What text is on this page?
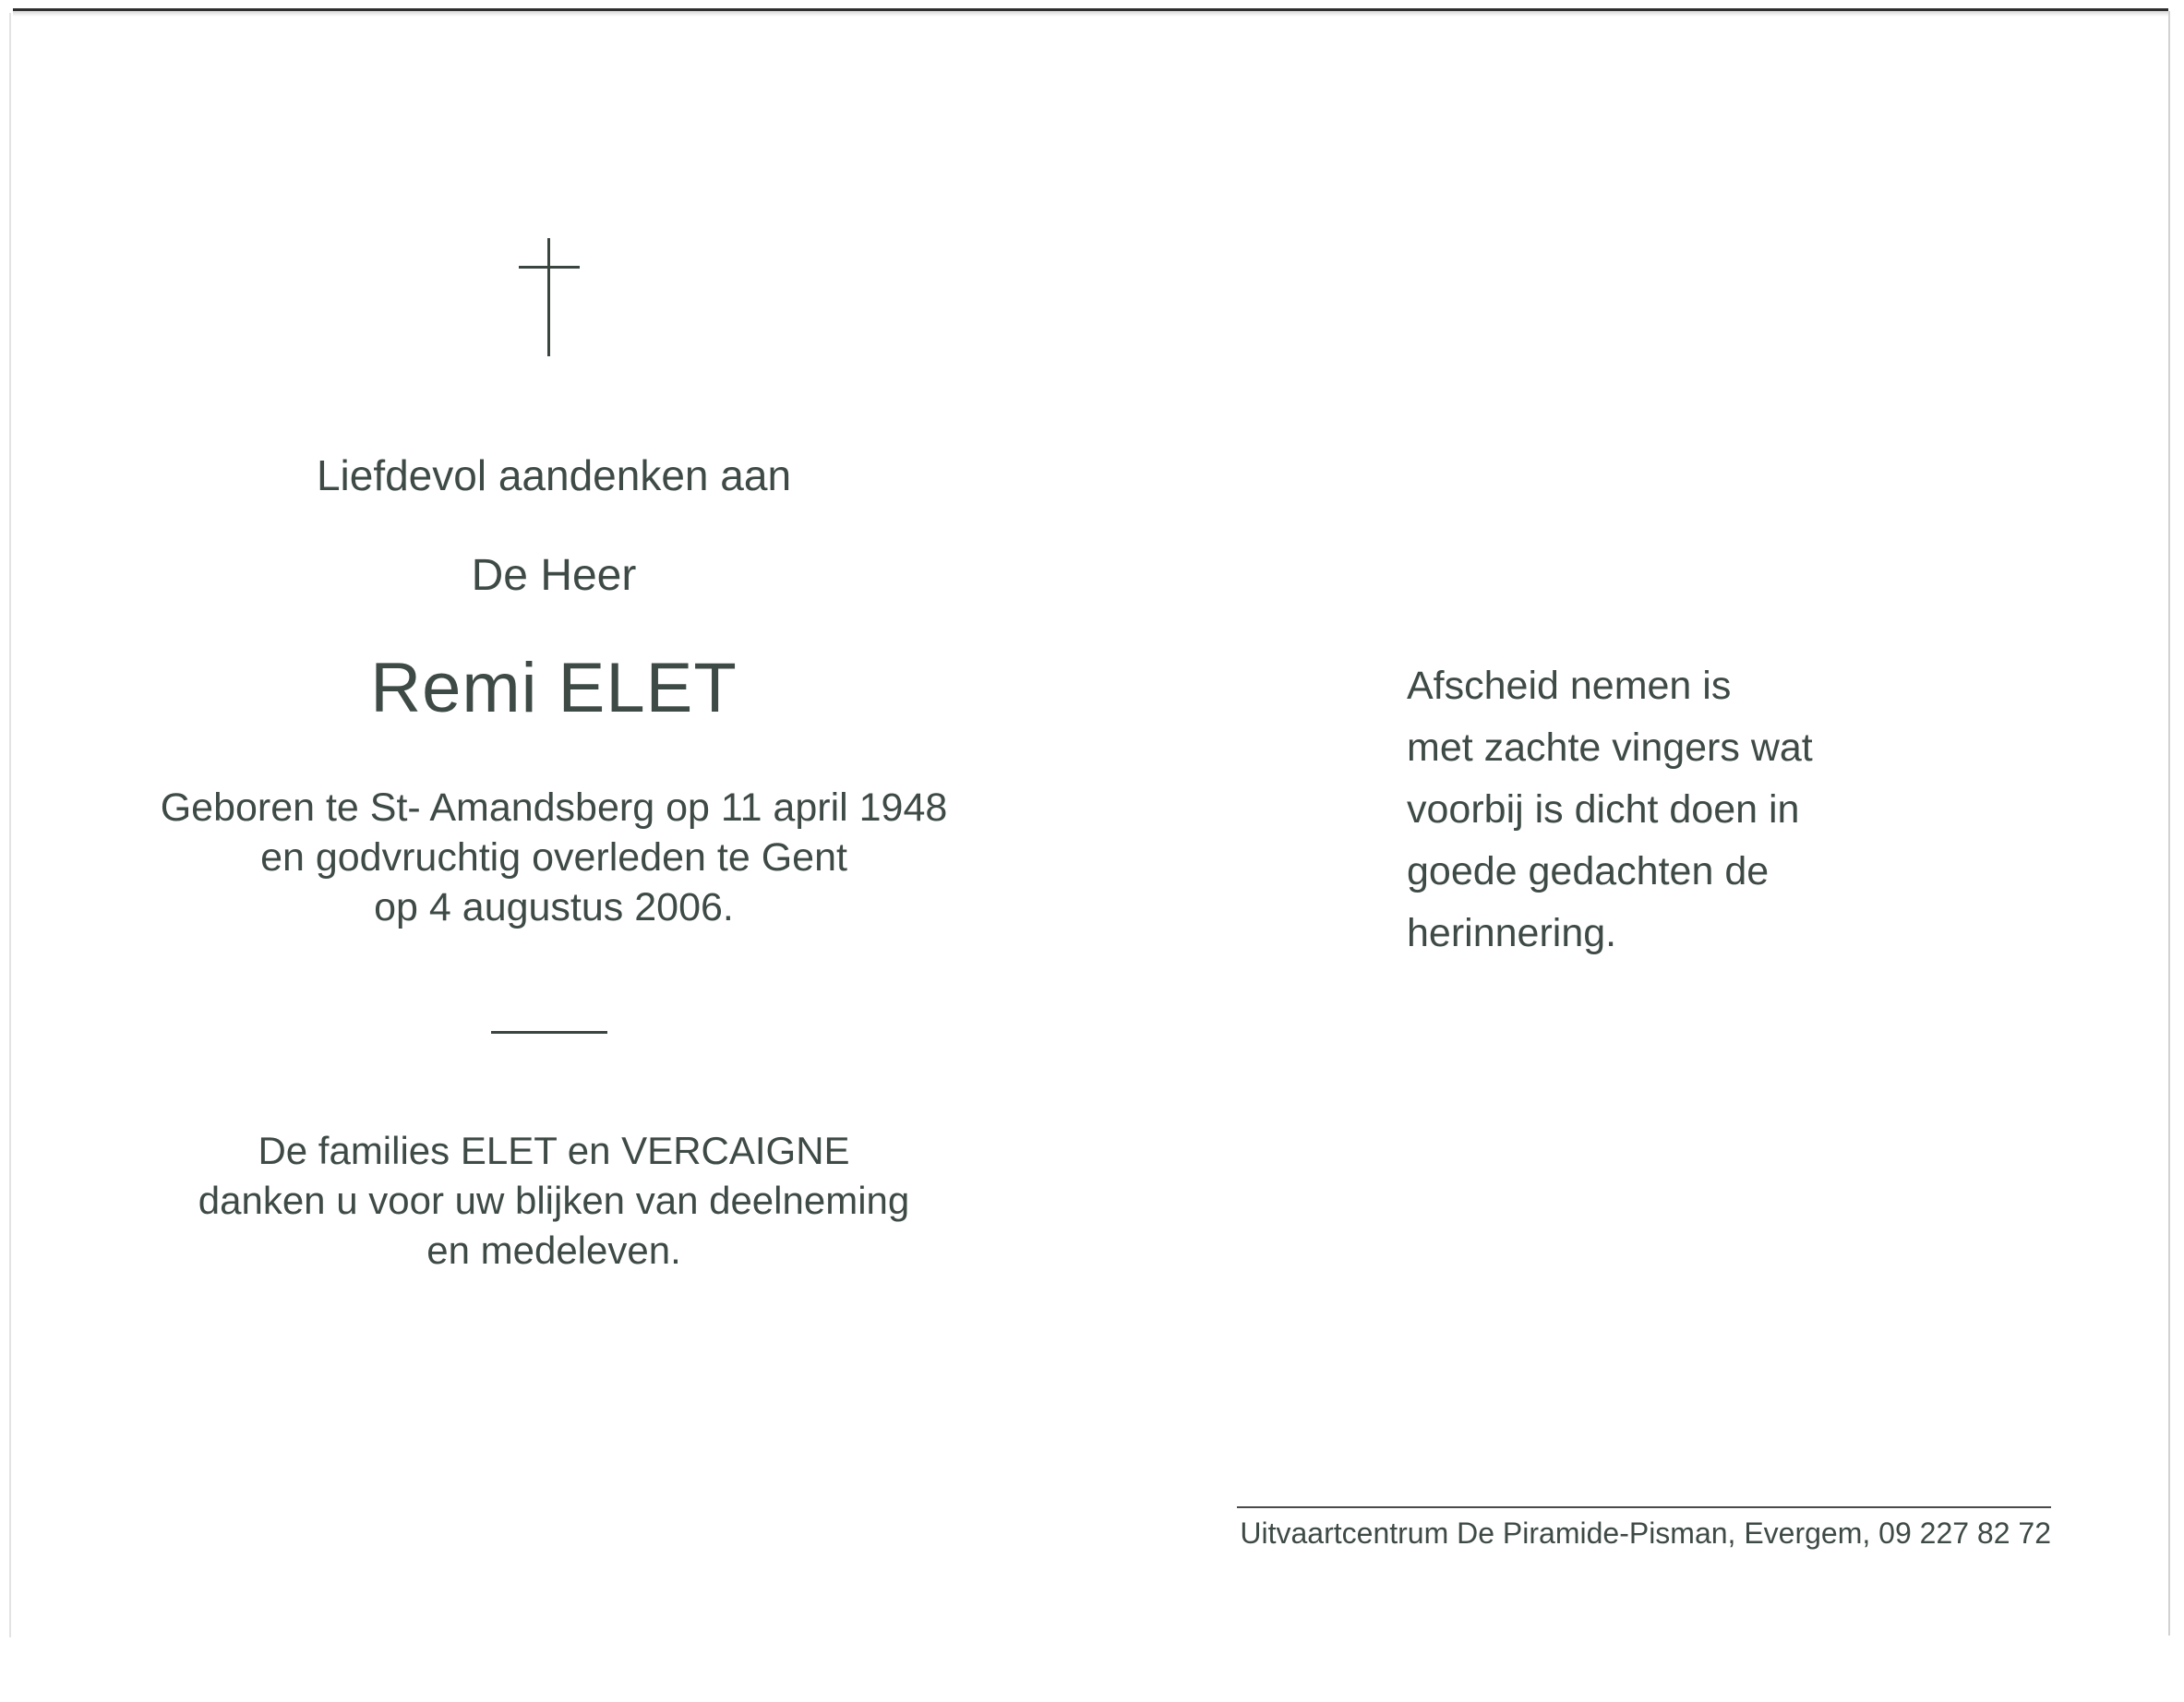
Liefdevol aandenken aan
De Heer
Remi ELET
Geboren te St- Amandsberg op 11 april 1948
en godvruchtig overleden te Gent
op 4 augustus 2006.
De families ELET en VERCAIGNE
danken u voor uw blijken van deelneming
en medeleven.
Afscheid nemen is
met zachte vingers wat
voorbij is dicht doen in
goede gedachten de
herinnering.
Uitvaartcentrum De Piramide-Pisman, Evergem, 09 227 82 72
